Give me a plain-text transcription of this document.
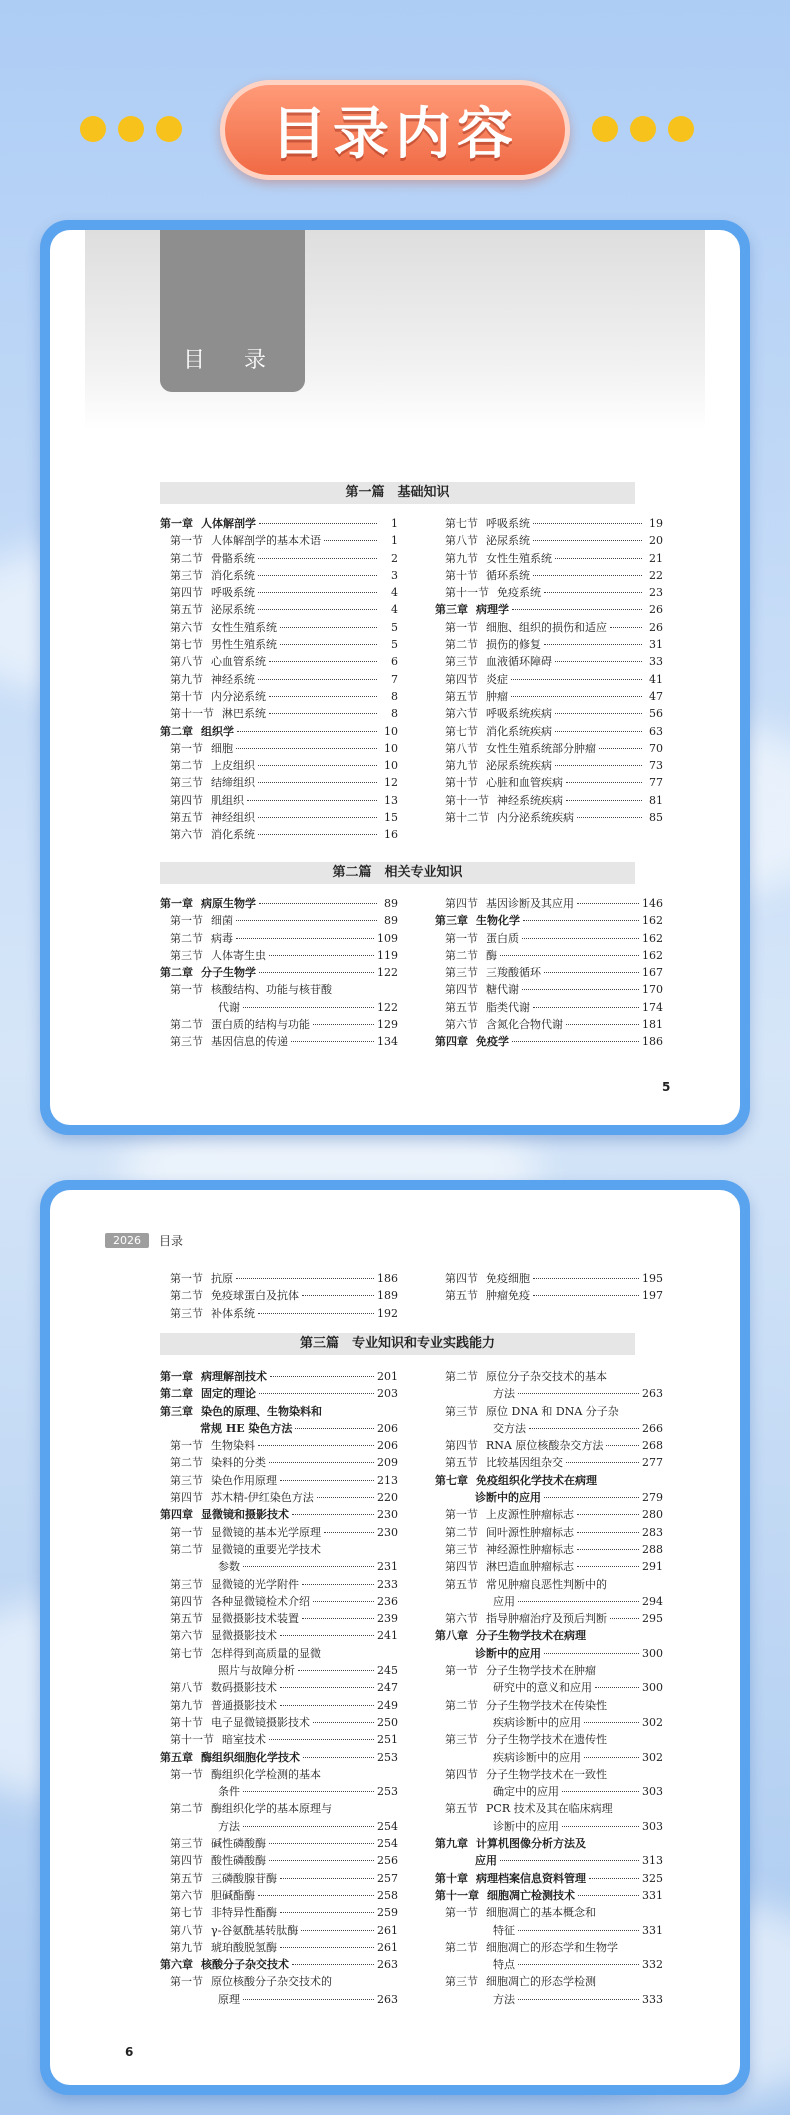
目录内容
目 录
第一篇　基础知识
第一章 人体解剖学	1
第一节 人体解剖学的基本术语	1
第二节 骨骼系统	2
第三节 消化系统	3
第四节 呼吸系统	4
第五节 泌尿系统	4
第六节 女性生殖系统	5
第七节 男性生殖系统	5
第八节 心血管系统	6
第九节 神经系统	7
第十节 内分泌系统	8
第十一节 淋巴系统	8
第二章 组织学	10
第一节 细胞	10
第二节 上皮组织	10
第三节 结缔组织	12
第四节 肌组织	13
第五节 神经组织	15
第六节 消化系统	16
第七节 呼吸系统	19
第八节 泌尿系统	20
第九节 女性生殖系统	21
第十节 循环系统	22
第十一节 免疫系统	23
第三章 病理学	26
第一节 细胞、组织的损伤和适应	26
第二节 损伤的修复	31
第三节 血液循环障碍	33
第四节 炎症	41
第五节 肿瘤	47
第六节 呼吸系统疾病	56
第七节 消化系统疾病	63
第八节 女性生殖系统部分肿瘤	70
第九节 泌尿系统疾病	73
第十节 心脏和血管疾病	77
第十一节 神经系统疾病	81
第十二节 内分泌系统疾病	85
第二篇　相关专业知识
第一章 病原生物学	89
第一节 细菌	89
第二节 病毒	109
第三节 人体寄生虫	119
第二章 分子生物学	122
第一节 核酸结构、功能与核苷酸
代谢	122
第二节 蛋白质的结构与功能	129
第三节 基因信息的传递	134
第四节 基因诊断及其应用	146
第三章 生物化学	162
第一节 蛋白质	162
第二节 酶	162
第三节 三羧酸循环	167
第四节 糖代谢	170
第五节 脂类代谢	174
第六节 含氮化合物代谢	181
第四章 免疫学	186
5
2026	目录
第一节 抗原	186
第二节 免疫球蛋白及抗体	189
第三节 补体系统	192
第四节 免疫细胞	195
第五节 肿瘤免疫	197
第三篇　专业知识和专业实践能力
第一章 病理解剖技术	201
第二章 固定的理论	203
第三章 染色的原理、生物染料和
常规 HE 染色方法	206
第一节 生物染料	206
第二节 染料的分类	209
第三节 染色作用原理	213
第四节 苏木精-伊红染色方法	220
第四章 显微镜和摄影技术	230
第一节 显微镜的基本光学原理	230
第二节 显微镜的重要光学技术
参数	231
第三节 显微镜的光学附件	233
第四节 各种显微镜检术介绍	236
第五节 显微摄影技术装置	239
第六节 显微摄影技术	241
第七节 怎样得到高质量的显微
照片与故障分析	245
第八节 数码摄影技术	247
第九节 普通摄影技术	249
第十节 电子显微镜摄影技术	250
第十一节 暗室技术	251
第五章 酶组织细胞化学技术	253
第一节 酶组织化学检测的基本
条件	253
第二节 酶组织化学的基本原理与
方法	254
第三节 碱性磷酸酶	254
第四节 酸性磷酸酶	256
第五节 三磷酸腺苷酶	257
第六节 胆碱酯酶	258
第七节 非特异性酯酶	259
第八节 γ-谷氨酰基转肽酶	261
第九节 琥珀酸脱氢酶	261
第六章 核酸分子杂交技术	263
第一节 原位核酸分子杂交技术的
原理	263
第二节 原位分子杂交技术的基本
方法	263
第三节 原位 DNA 和 DNA 分子杂
交方法	266
第四节 RNA 原位核酸杂交方法	268
第五节 比较基因组杂交	277
第七章 免疫组织化学技术在病理
诊断中的应用	279
第一节 上皮源性肿瘤标志	280
第二节 间叶源性肿瘤标志	283
第三节 神经源性肿瘤标志	288
第四节 淋巴造血肿瘤标志	291
第五节 常见肿瘤良恶性判断中的
应用	294
第六节 指导肿瘤治疗及预后判断	295
第八章 分子生物学技术在病理
诊断中的应用	300
第一节 分子生物学技术在肿瘤
研究中的意义和应用	300
第二节 分子生物学技术在传染性
疾病诊断中的应用	302
第三节 分子生物学技术在遗传性
疾病诊断中的应用	302
第四节 分子生物学技术在一致性
确定中的应用	303
第五节 PCR 技术及其在临床病理
诊断中的应用	303
第九章 计算机图像分析方法及
应用	313
第十章 病理档案信息资料管理	325
第十一章 细胞凋亡检测技术	331
第一节 细胞凋亡的基本概念和
特征	331
第二节 细胞凋亡的形态学和生物学
特点	332
第三节 细胞凋亡的形态学检测
方法	333
6
